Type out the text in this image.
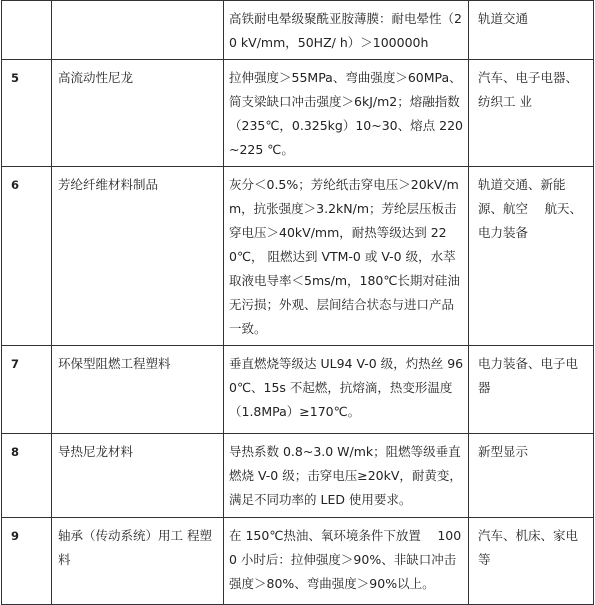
		高铁耐电晕级聚酰亚胺薄膜：耐电晕性（20 kV/mm，50HZ/ h）＞100000h	轨道交通
5	高流动性尼龙	拉伸强度＞55MPa、弯曲强度＞60MPa、简支梁缺口冲击强度＞6kJ/m2；熔融指数（235℃，0.325kg）10~30、熔点 220~225 ℃。	汽车、电子电器、纺织工 业
6	芳纶纤维材料制品	灰分＜0.5%；芳纶纸击穿电压＞20kV/mm，抗张强度＞3.2kN/m；芳纶层压板击穿电压＞40kV/mm，耐热等级达到 220℃， 阻燃达到 VTM-0 或 V-0 级，水萃取液电导率＜5ms/m，180℃长期对硅油无污损；外观、层间结合状态与进口产品一致。	轨道交通、新能源、航空　 航天、电力装备
7	环保型阻燃工程塑料	垂直燃烧等级达 UL94 V-0 级，灼热丝 960℃、15s 不起燃，抗熔滴，热变形温度（1.8MPa）≥170℃。	电力装备、电子电器
8	导热尼龙材料	导热系数 0.8~3.0 W/mk；阻燃等级垂直燃烧 V-0 级；击穿电压≥20kV，耐黄变，满足不同功率的 LED 使用要求。	新型显示
9	轴承（传动系统）用工 程塑料	在 150℃热油、氧环境条件下放置　 1000 小时后：拉伸强度＞90%、非缺口冲击强度＞80%、弯曲强度＞90%以上。	汽车、机床、家电等
